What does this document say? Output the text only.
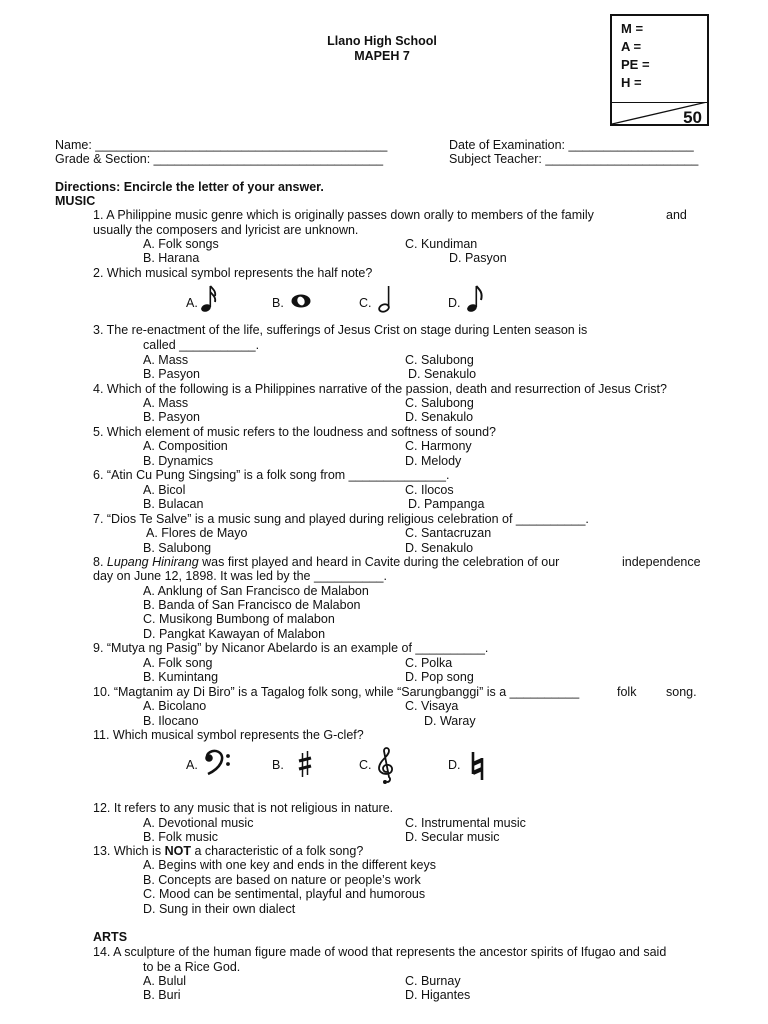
Llano High School
MAPEH 7
M =
A =
PE =
H =
50
Name: __________________________________________
Grade & Section: _________________________________
Date of Examination: __________________
Subject Teacher: ______________________
Directions: Encircle the letter of your answer.
MUSIC
1. A Philippine music genre which is originally passes down orally to members of the family	and
usually the composers and lyricist are unknown.
A. Folk songs
B. Harana
C. Kundiman
D. Pasyon
2. Which musical symbol represents the half note?
A.	B.	C.	D.
3. The re-enactment of the life, sufferings of Jesus Crist on stage during Lenten season is
called ___________.
A. Mass
B. Pasyon
C. Salubong
D. Senakulo
4. Which of the following is a Philippines narrative of the passion, death and resurrection of Jesus Crist?
A. Mass
B. Pasyon
C. Salubong
D. Senakulo
5. Which element of music refers to the loudness and softness of sound?
A. Composition
B. Dynamics
C. Harmony
D. Melody
6. “Atin Cu Pung Singsing” is a folk song from ______________.
A. Bicol
B. Bulacan
C. Ilocos
D. Pampanga
7. “Dios Te Salve” is a music sung and played during religious celebration of __________.
A. Flores de Mayo
B. Salubong
C. Santacruzan
D. Senakulo
8. Lupang Hinirang was first played and heard in Cavite during the celebration of our	independence
day on June 12, 1898. It was led by the __________.
A. Anklung of San Francisco de Malabon
B. Banda of San Francisco de Malabon
C. Musikong Bumbong of malabon
D. Pangkat Kawayan of Malabon
9. “Mutya ng Pasig” by Nicanor Abelardo is an example of __________.
A. Folk song
B. Kumintang
C. Polka
D. Pop song
10. “Magtanim ay Di Biro” is a Tagalog folk song, while “Sarungbanggi” is a __________	folk song.
A. Bicolano
B. Ilocano
C. Visaya
D. Waray
11. Which musical symbol represents the G-clef?
A.	B.	C.	D.
12. It refers to any music that is not religious in nature.
A. Devotional music
B. Folk music
C. Instrumental music
D. Secular music
13. Which is NOT a characteristic of a folk song?
A. Begins with one key and ends in the different keys
B. Concepts are based on nature or people’s work
C. Mood can be sentimental, playful and humorous
D. Sung in their own dialect
ARTS
14. A sculpture of the human figure made of wood that represents the ancestor spirits of Ifugao and said
to be a Rice God.
A. Bulul
B. Buri
C. Burnay
D. Higantes
